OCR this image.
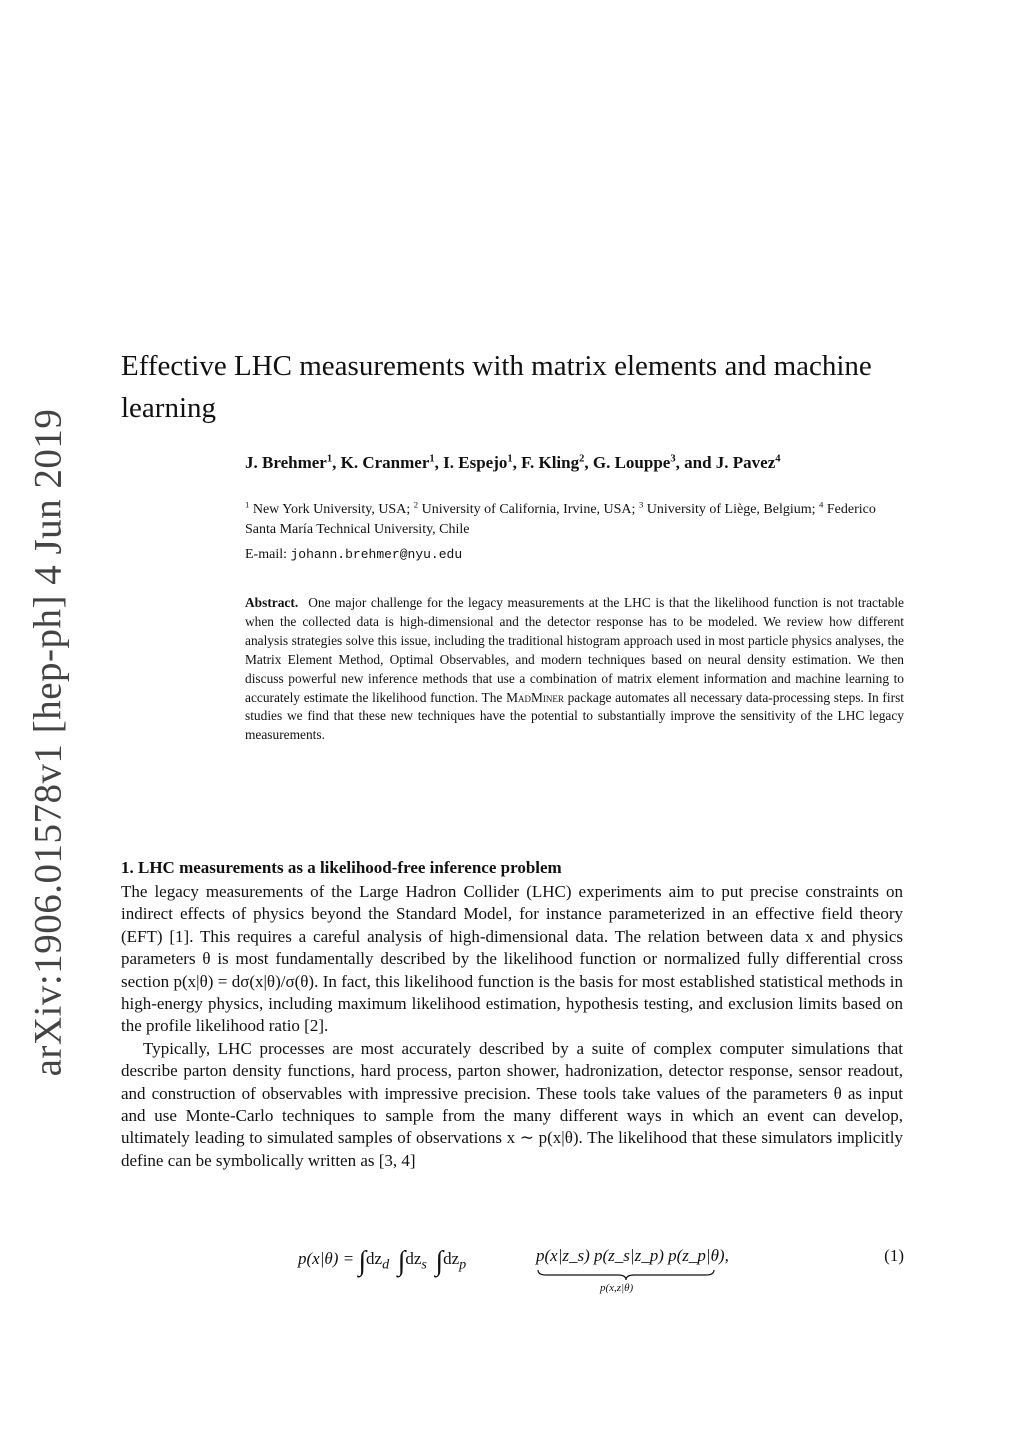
arXiv:1906.01578v1 [hep-ph] 4 Jun 2019
Effective LHC measurements with matrix elements and machine learning
J. Brehmer$^1$, K. Cranmer$^1$, I. Espejo$^1$, F. Kling$^2$, G. Louppe$^3$, and J. Pavez$^4$
$^1$ New York University, USA; $^2$ University of California, Irvine, USA; $^3$ University of Liège, Belgium; $^4$ Federico Santa María Technical University, Chile
E-mail: johann.brehmer@nyu.edu
Abstract. One major challenge for the legacy measurements at the LHC is that the likelihood function is not tractable when the collected data is high-dimensional and the detector response has to be modeled. We review how different analysis strategies solve this issue, including the traditional histogram approach used in most particle physics analyses, the Matrix Element Method, Optimal Observables, and modern techniques based on neural density estimation. We then discuss powerful new inference methods that use a combination of matrix element information and machine learning to accurately estimate the likelihood function. The MadMiner package automates all necessary data-processing steps. In first studies we find that these new techniques have the potential to substantially improve the sensitivity of the LHC legacy measurements.
1. LHC measurements as a likelihood-free inference problem

The legacy measurements of the Large Hadron Collider (LHC) experiments aim to put precise constraints on indirect effects of physics beyond the Standard Model, for instance parameterized in an effective field theory (EFT) [1]. This requires a careful analysis of high-dimensional data. The relation between data x and physics parameters θ is most fundamentally described by the likelihood function or normalized fully differential cross section p(x|θ) = dσ(x|θ)/σ(θ). In fact, this likelihood function is the basis for most established statistical methods in high-energy physics, including maximum likelihood estimation, hypothesis testing, and exclusion limits based on the profile likelihood ratio [2].

Typically, LHC processes are most accurately described by a suite of complex computer simulations that describe parton density functions, hard process, parton shower, hadronization, detector response, sensor readout, and construction of observables with impressive precision. These tools take values of the parameters θ as input and use Monte-Carlo techniques to sample from the many different ways in which an event can develop, ultimately leading to simulated samples of observations x ∼ p(x|θ). The likelihood that these simulators implicitly define can be symbolically written as [3, 4]

$p(x|\theta) = \int dz_d$ $\int dz_s$ $\int dz_p$	p(x|z_s) p(z_s|z_p) p(z_p|θ),
p(x,z|θ)
(1)
